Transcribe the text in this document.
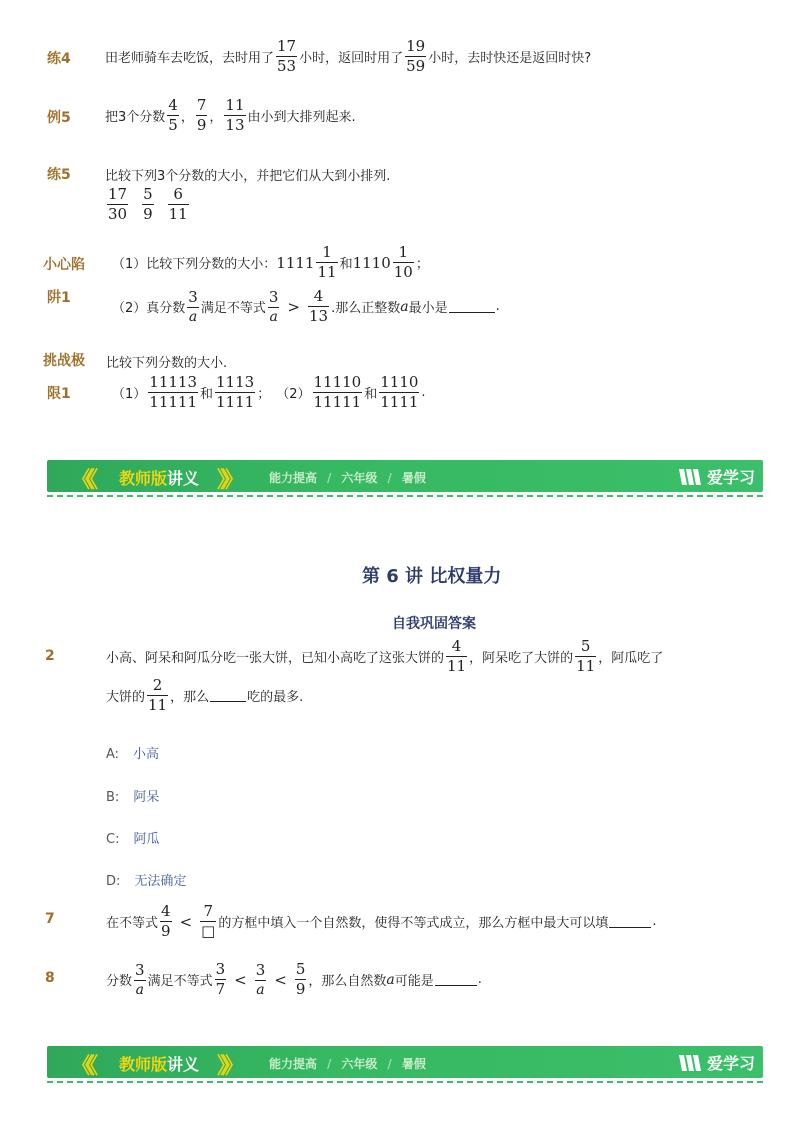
练4	田老师骑车去吃饭，去时用了 $\frac{17}{53}$ 小时，返回时用了 $\frac{19}{59}$ 小时，去时快还是返回时快?
例5	把3个分数 $\frac{4}{5}$ ， $\frac{7}{9}$ ， $\frac{11}{13}$ 由小到大排列起来.
练5	比较下列3个分数的大小，并把它们从大到小排列.
$\frac{17}{30} \frac{5}{9} \frac{6}{11}$
小心陷
阱1
（1）比较下列分数的大小： $1111 \frac{1}{11}$ 和 $1110 \frac{1}{10}$ ；
（2）真分数 $\frac{3}{a}$ 满足不等式 $\frac{3}{a} > \frac{4}{13}$ .那么正整数 a 最小是	.
挑战极
限1
比较下列分数的大小.
$(1) \frac{11113}{11111}$ 和 $\frac{1113}{1111}$ ； $(2) \frac{11110}{11111}$ 和 $\frac{1110}{1111}$ .
《《 教师版讲义 》》	能力提高 / 六年级 / 暑假	爱学习
第 6 讲 比权量力
自我巩固答案
2	小高、阿呆和阿瓜分吃一张大饼，已知小高吃了这张大饼的 $\frac{4}{11}$ ，阿呆吃了大饼的 $\frac{5}{11}$ ，阿瓜吃了
大饼的 $\frac{2}{11}$ ，那么	吃的最多.
A: 小高
B: 阿呆
C: 阿瓜
D: 无法确定
7	在不等式 $\frac{4}{9} < \frac{7}{□}$ 的方框中填入一个自然数，使得不等式成立，那么方框中最大可以填	.
8	分数 $\frac{3}{a}$ 满足不等式 $\frac{3}{7} < \frac{3}{a} < \frac{5}{9}$ ，那么自然数 a 可能是	.
《《 教师版讲义 》》	能力提高 / 六年级 / 暑假	爱学习
